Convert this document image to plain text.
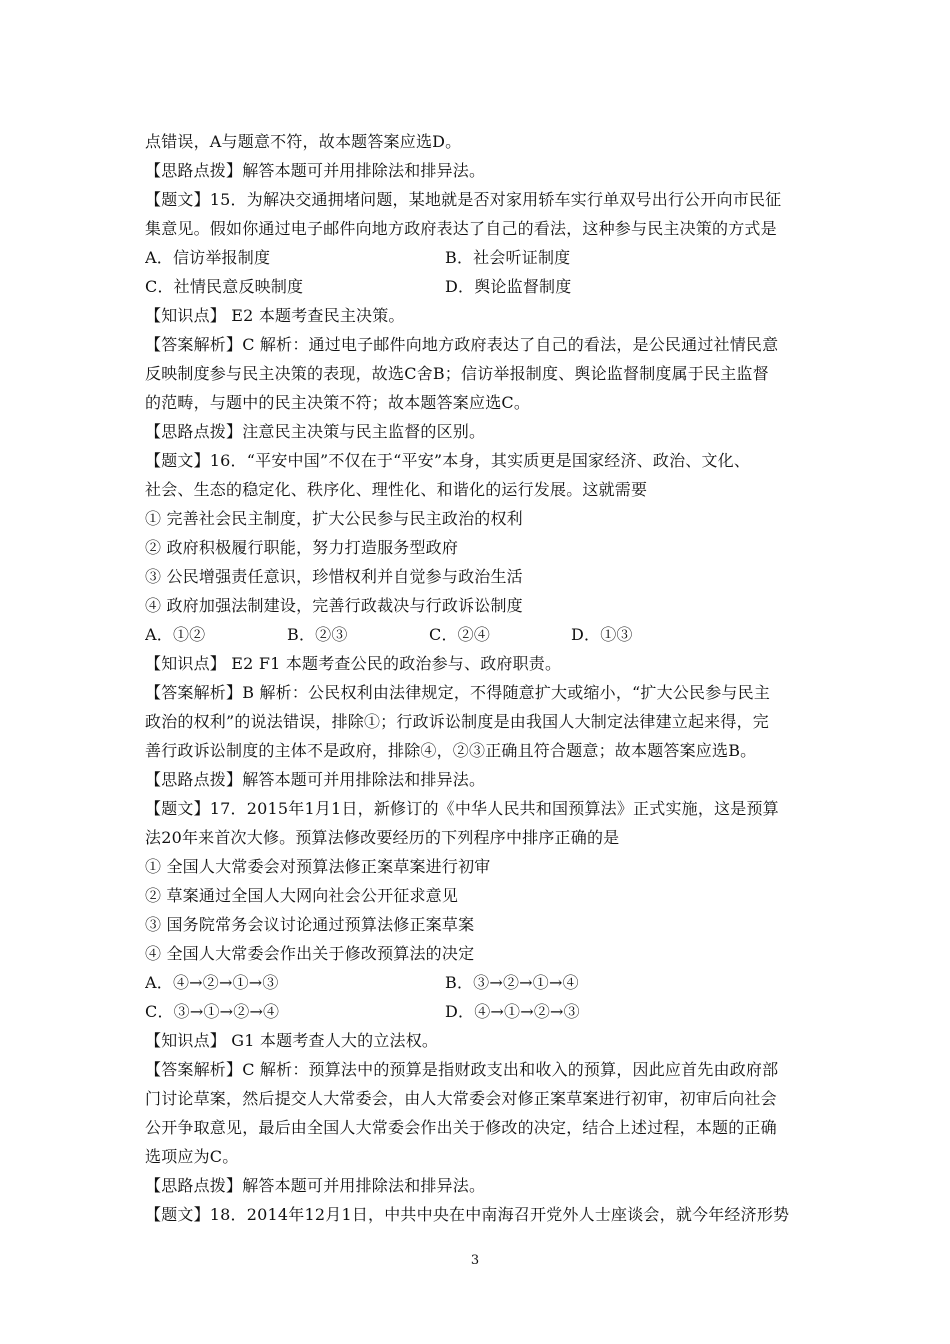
点错误，A与题意不符，故本题答案应选D。
【思路点拨】解答本题可并用排除法和排异法。
【题文】15．为解决交通拥堵问题，某地就是否对家用轿车实行单双号出行公开向市民征
集意见。假如你通过电子邮件向地方政府表达了自己的看法，这种参与民主决策的方式是
A．信访举报制度	B．社会听证制度
C．社情民意反映制度	D．舆论监督制度
【知识点】 E2 本题考查民主决策。
【答案解析】C 解析：通过电子邮件向地方政府表达了自己的看法，是公民通过社情民意
反映制度参与民主决策的表现，故选C舍B；信访举报制度、舆论监督制度属于民主监督
的范畴，与题中的民主决策不符；故本题答案应选C。
【思路点拨】注意民主决策与民主监督的区别。
【题文】16．“平安中国”不仅在于“平安”本身，其实质更是国家经济、政治、文化、
社会、生态的稳定化、秩序化、理性化、和谐化的运行发展。这就需要
① 完善社会民主制度，扩大公民参与民主政治的权利
② 政府积极履行职能，努力打造服务型政府
③ 公民增强责任意识，珍惜权利并自觉参与政治生活
④ 政府加强法制建设，完善行政裁决与行政诉讼制度
A．①②	B．②③	C．②④	D．①③
【知识点】 E2 F1 本题考查公民的政治参与、政府职责。
【答案解析】B 解析：公民权利由法律规定，不得随意扩大或缩小，“扩大公民参与民主
政治的权利”的说法错误，排除①；行政诉讼制度是由我国人大制定法律建立起来得，完
善行政诉讼制度的主体不是政府，排除④，②③正确且符合题意；故本题答案应选B。
【思路点拨】解答本题可并用排除法和排异法。
【题文】17．2015年1月1日，新修订的《中华人民共和国预算法》正式实施，这是预算
法20年来首次大修。预算法修改要经历的下列程序中排序正确的是
① 全国人大常委会对预算法修正案草案进行初审
② 草案通过全国人大网向社会公开征求意见
③ 国务院常务会议讨论通过预算法修正案草案
④ 全国人大常委会作出关于修改预算法的决定
A．④→②→①→③	B．③→②→①→④
C．③→①→②→④	D．④→①→②→③
【知识点】 G1 本题考查人大的立法权。
【答案解析】C 解析：预算法中的预算是指财政支出和收入的预算，因此应首先由政府部
门讨论草案，然后提交人大常委会，由人大常委会对修正案草案进行初审，初审后向社会
公开争取意见，最后由全国人大常委会作出关于修改的决定，结合上述过程，本题的正确
选项应为C。
【思路点拨】解答本题可并用排除法和排异法。
【题文】18．2014年12月1日，中共中央在中南海召开党外人士座谈会，就今年经济形势
3
